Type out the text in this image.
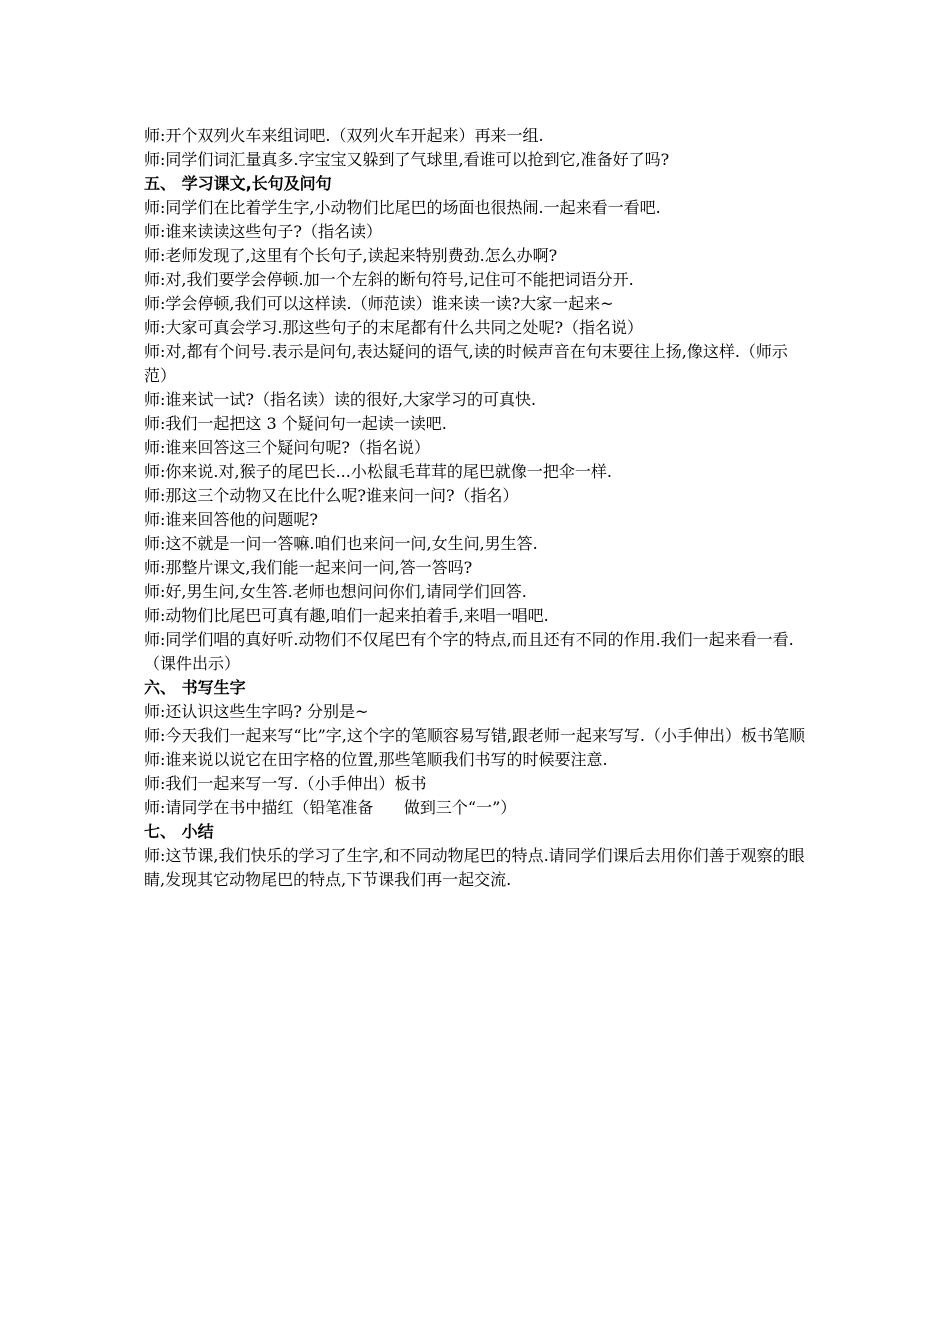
师:开个双列火车来组词吧.（双列火车开起来）再来一组.

师:同学们词汇量真多.字宝宝又躲到了气球里,看谁可以抢到它,准备好了吗?

五、 学习课文,长句及问句

师:同学们在比着学生字,小动物们比尾巴的场面也很热闹.一起来看一看吧.

师:谁来读读这些句子?（指名读）

师:老师发现了,这里有个长句子,读起来特别费劲.怎么办啊?

师:对,我们要学会停顿.加一个左斜的断句符号,记住可不能把词语分开.

师:学会停顿,我们可以这样读.（师范读）谁来读一读?大家一起来~

师:大家可真会学习.那这些句子的末尾都有什么共同之处呢?（指名说）

师:对,都有个问号.表示是问句,表达疑问的语气,读的时候声音在句末要往上扬,像这样.（师示范）

师:谁来试一试?（指名读）读的很好,大家学习的可真快.

师:我们一起把这 3 个疑问句一起读一读吧.

师:谁来回答这三个疑问句呢?（指名说）

师:你来说.对,猴子的尾巴长...小松鼠毛茸茸的尾巴就像一把伞一样.

师:那这三个动物又在比什么呢?谁来问一问?（指名）

师:谁来回答他的问题呢?

师:这不就是一问一答嘛.咱们也来问一问,女生问,男生答.

师:那整片课文,我们能一起来问一问,答一答吗?

师:好,男生问,女生答.老师也想问问你们,请同学们回答.

师:动物们比尾巴可真有趣,咱们一起来拍着手,来唱一唱吧.

师:同学们唱的真好听.动物们不仅尾巴有个字的特点,而且还有不同的作用.我们一起来看一看.（课件出示）

六、 书写生字

师:还认识这些生字吗? 分别是~

师:今天我们一起来写“比”字,这个字的笔顺容易写错,跟老师一起来写写.（小手伸出）板书笔顺

师:谁来说以说它在田字格的位置,那些笔顺我们书写的时候要注意.

师:我们一起来写一写.（小手伸出）板书

师:请同学在书中描红（铅笔准备      做到三个“一”）

七、 小结

师:这节课,我们快乐的学习了生字,和不同动物尾巴的特点.请同学们课后去用你们善于观察的眼睛,发现其它动物尾巴的特点,下节课我们再一起交流.
